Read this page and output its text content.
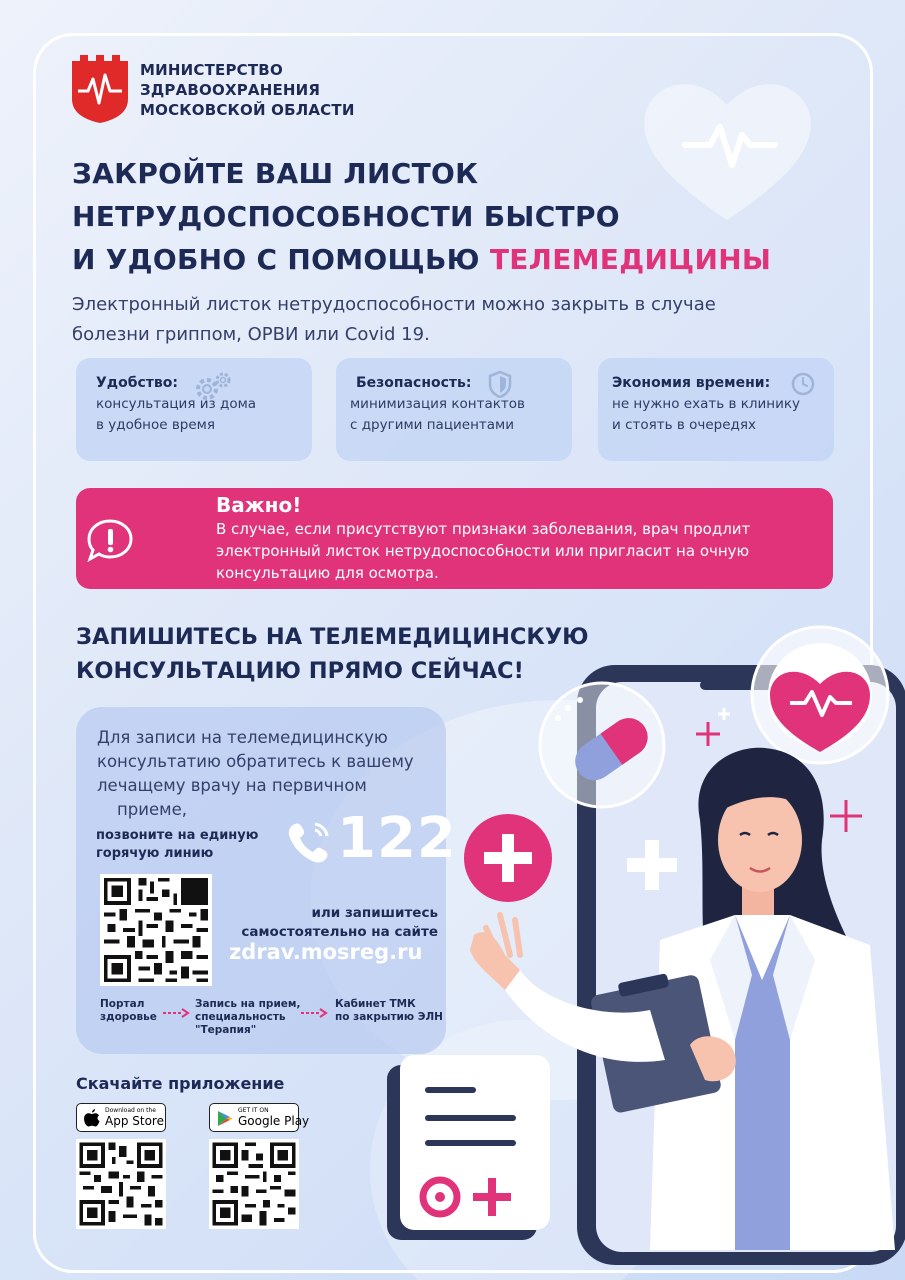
МИНИСТЕРСТВО
ЗДРАВООХРАНЕНИЯ
МОСКОВСКОЙ ОБЛАСТИ
ЗАКРОЙТЕ ВАШ ЛИСТОК
НЕТРУДОСПОСОБНОСТИ БЫСТРО
И УДОБНО С ПОМОЩЬЮ ТЕЛЕМЕДИЦИНЫ
Электронный листок нетрудоспособности можно закрыть в случае
болезни гриппом, ОРВИ или Covid 19.
Удобство:
консультация из дома
в удобное время
Безопасность:
минимизация контактов
с другими пациентами
Экономия времени:
не нужно ехать в клинику
и стоять в очередях
Важно!
В случае, если присутствуют признаки заболевания, врач продлит
электронный листок нетрудоспособности или пригласит на очную
консультацию для осмотра.
ЗАПИШИТЕСЬ НА ТЕЛЕМЕДИЦИНСКУЮ
КОНСУЛЬТАЦИЮ ПРЯМО СЕЙЧАС!
Для записи на телемедицинскую
консультатию обратитесь к вашему
лечащему врачу на первичном
приеме,
позвоните на единую
горячую линию	122
или запишитесь
самостоятельно на сайте
zdrav.mosreg.ru
Портал
здоровье
Запись на прием,
специальность
"Терапия"
Кабинет ТМК
по закрытию ЭЛН
Скачайте приложение
Download on the
App Store
GET IT ON
Google Play
